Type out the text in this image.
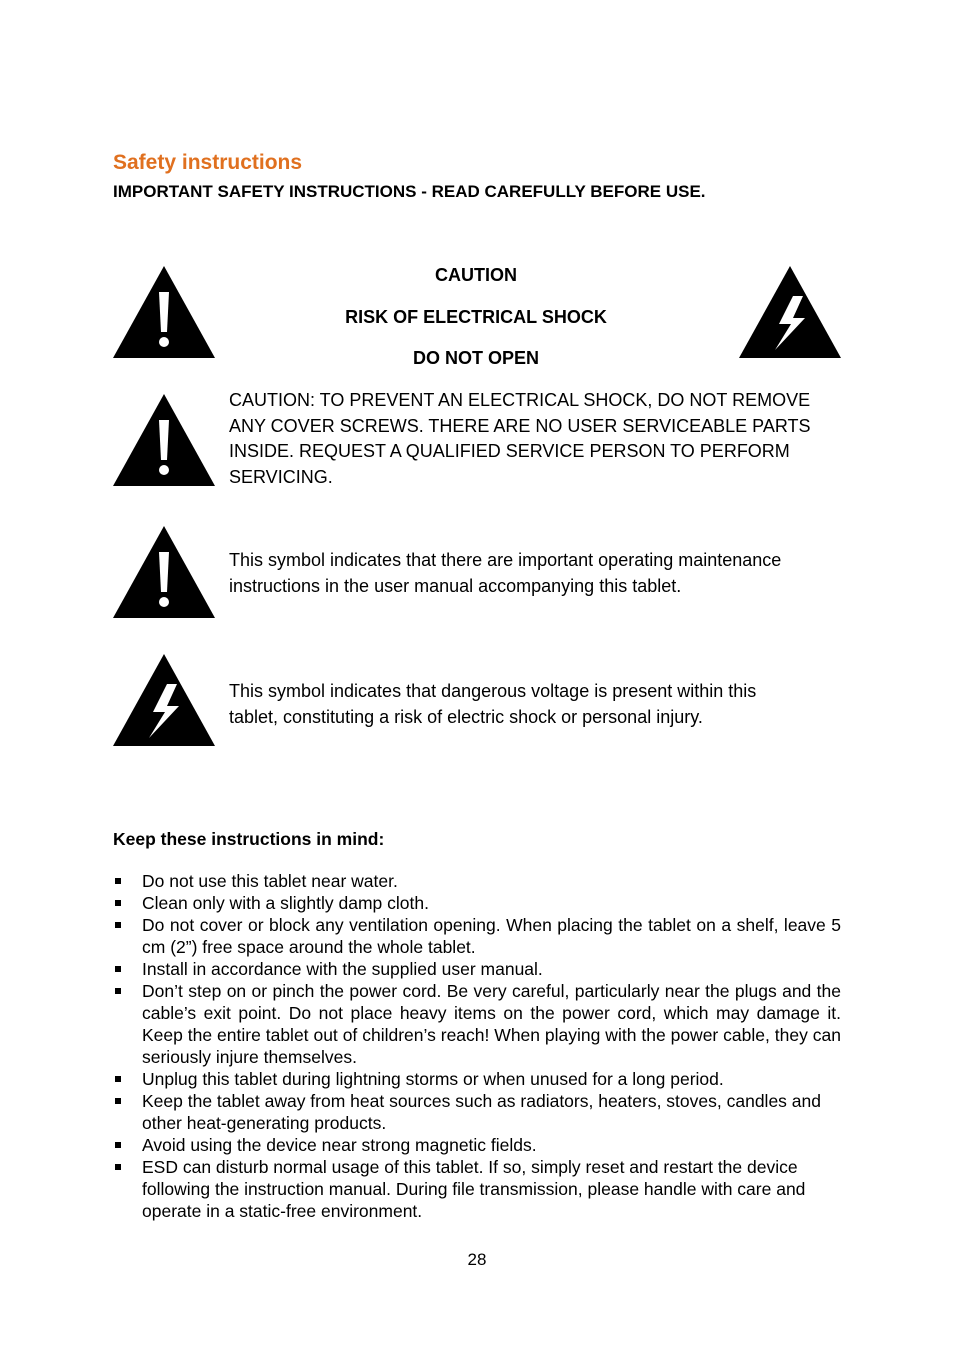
Safety instructions
IMPORTANT SAFETY INSTRUCTIONS - READ CAREFULLY BEFORE USE.
CAUTION
RISK OF ELECTRICAL SHOCK
DO NOT OPEN
CAUTION: TO PREVENT AN ELECTRICAL SHOCK, DO NOT REMOVE ANY COVER SCREWS. THERE ARE NO USER SERVICEABLE PARTS INSIDE. REQUEST A QUALIFIED SERVICE PERSON TO PERFORM SERVICING.
This symbol indicates that there are important operating maintenance instructions in the user manual accompanying this tablet.
This symbol indicates that dangerous voltage is present within this tablet, constituting a risk of electric shock or personal injury.
Keep these instructions in mind:
Do not use this tablet near water.
Clean only with a slightly damp cloth.
Do not cover or block any ventilation opening. When placing the tablet on a shelf, leave 5 cm (2”) free space around the whole tablet.
Install in accordance with the supplied user manual.
Don’t step on or pinch the power cord. Be very careful, particularly near the plugs and the cable’s exit point. Do not place heavy items on the power cord, which may damage it. Keep the entire tablet out of children’s reach! When playing with the power cable, they can seriously injure themselves.
Unplug this tablet during lightning storms or when unused for a long period.
Keep the tablet away from heat sources such as radiators, heaters, stoves, candles and other heat-generating products.
Avoid using the device near strong magnetic fields.
ESD can disturb normal usage of this tablet. If so, simply reset and restart the device following the instruction manual. During file transmission, please handle with care and operate in a static-free environment.
28
